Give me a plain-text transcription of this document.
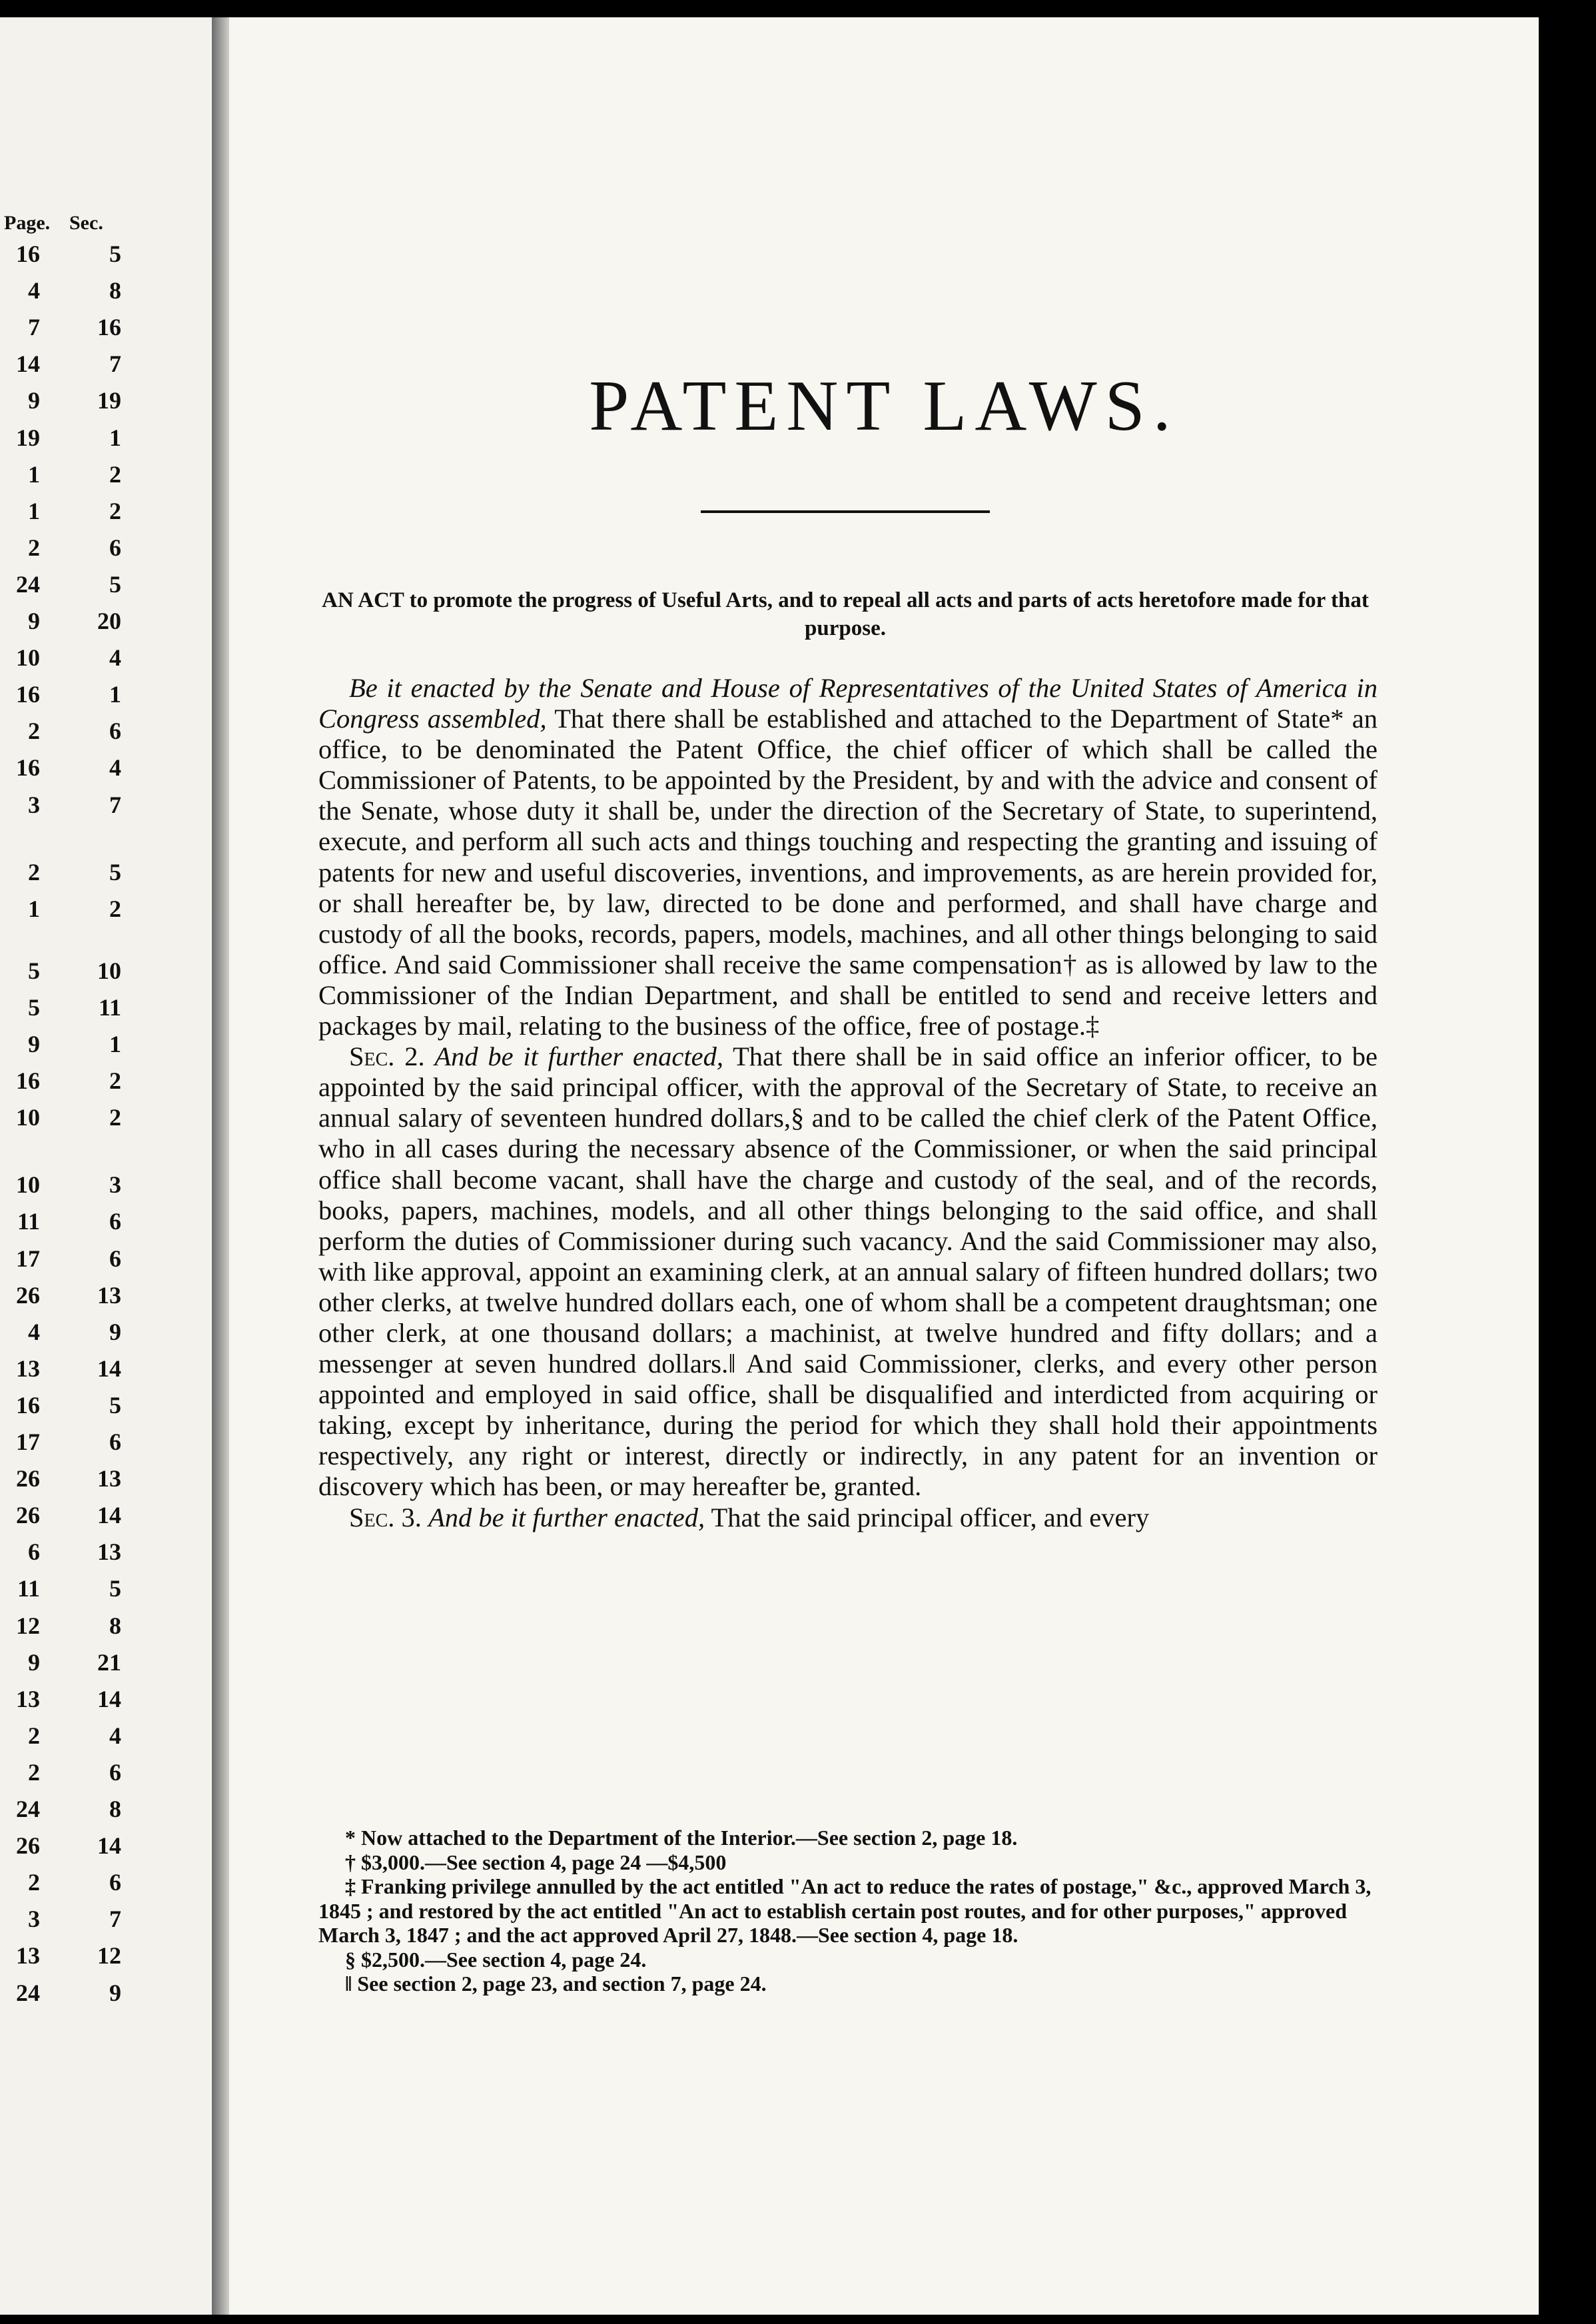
Page. Sec.
16	5
4	8
7 16
14	7
9 19
19	1
1	2
1	2
2	6
24	5
9 20
10	4
16	1
2	6
16	4
3	7
2	5
1	2
5 10
5 11
9	1
16	2
10	2
10	3
11	6
17	6
26 13
4	9
13 14
16	5
17	6
26 13
26 14
6 13
11	5
12	8
9 21
13 14
2	4
2	6
24	8
26 14
2	6
3	7
13 12
24	9
PATENT LAWS.
AN ACT to promote the progress of Useful Arts, and to repeal all acts and parts of acts heretofore made for that purpose.

Be it enacted by the Senate and House of Representatives of the United States of America in Congress assembled, That there shall be established and attached to the Department of State* an office, to be denominated the Patent Office, the chief officer of which shall be called the Commissioner of Patents, to be appointed by the President, by and with the advice and consent of the Senate, whose duty it shall be, under the direction of the Secretary of State, to superintend, execute, and perform all such acts and things touching and respecting the granting and issuing of patents for new and useful discoveries, inventions, and improvements, as are herein provided for, or shall hereafter be, by law, directed to be done and performed, and shall have charge and custody of all the books, records, papers, models, machines, and all other things belonging to said office. And said Commissioner shall receive the same compensation† as is allowed by law to the Commissioner of the Indian Department, and shall be entitled to send and receive letters and packages by mail, relating to the business of the office, free of postage.‡

Sec. 2. And be it further enacted, That there shall be in said office an inferior officer, to be appointed by the said principal officer, with the approval of the Secretary of State, to receive an annual salary of seventeen hundred dollars,§ and to be called the chief clerk of the Patent Office, who in all cases during the necessary absence of the Commissioner, or when the said principal office shall become vacant, shall have the charge and custody of the seal, and of the records, books, papers, machines, models, and all other things belonging to the said office, and shall perform the duties of Commissioner during such vacancy. And the said Commissioner may also, with like approval, appoint an examining clerk, at an annual salary of fifteen hundred dollars; two other clerks, at twelve hundred dollars each, one of whom shall be a competent draughtsman; one other clerk, at one thousand dollars; a machinist, at twelve hundred and fifty dollars; and a messenger at seven hundred dollars.‖ And said Commissioner, clerks, and every other person appointed and employed in said office, shall be disqualified and interdicted from acquiring or taking, except by inheritance, during the period for which they shall hold their appointments respectively, any right or interest, directly or indirectly, in any patent for an invention or discovery which has been, or may hereafter be, granted.

Sec. 3. And be it further enacted, That the said principal officer, and every

* Now attached to the Department of the Interior.—See section 2, page 18.

† $3,000.—See section 4, page 24 —$4,500

‡ Franking privilege annulled by the act entitled "An act to reduce the rates of postage," &c., approved March 3, 1845 ; and restored by the act entitled "An act to establish certain post routes, and for other purposes," approved March 3, 1847 ; and the act approved April 27, 1848.—See section 4, page 18.

§ $2,500.—See section 4, page 24.

‖ See section 2, page 23, and section 7, page 24.
